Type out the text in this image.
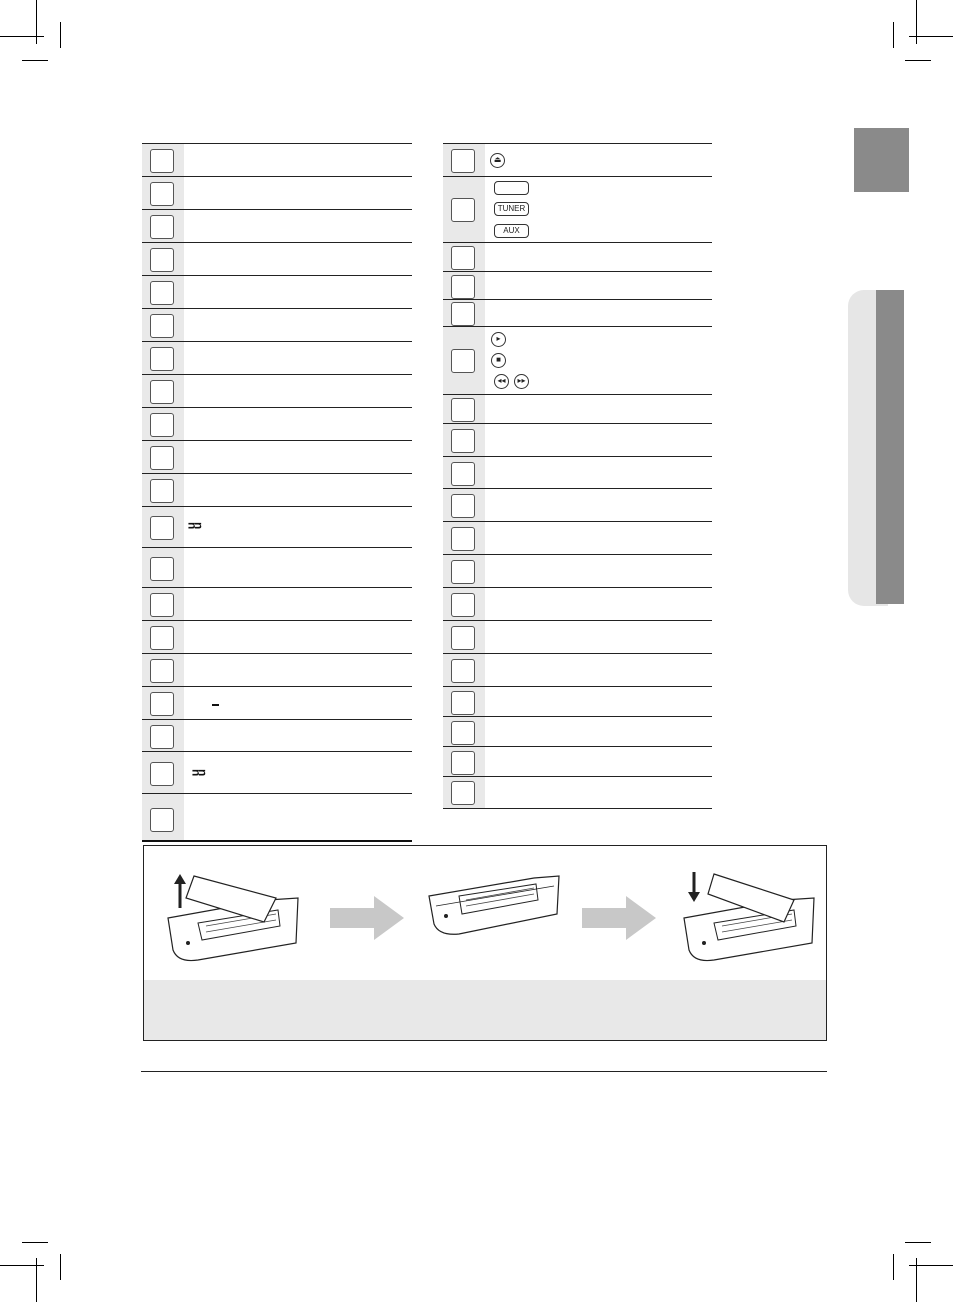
ᴝᴝ
ᴝᴝ
⏏
TUNER
AUX
▸
■
◂◂	▸▸
